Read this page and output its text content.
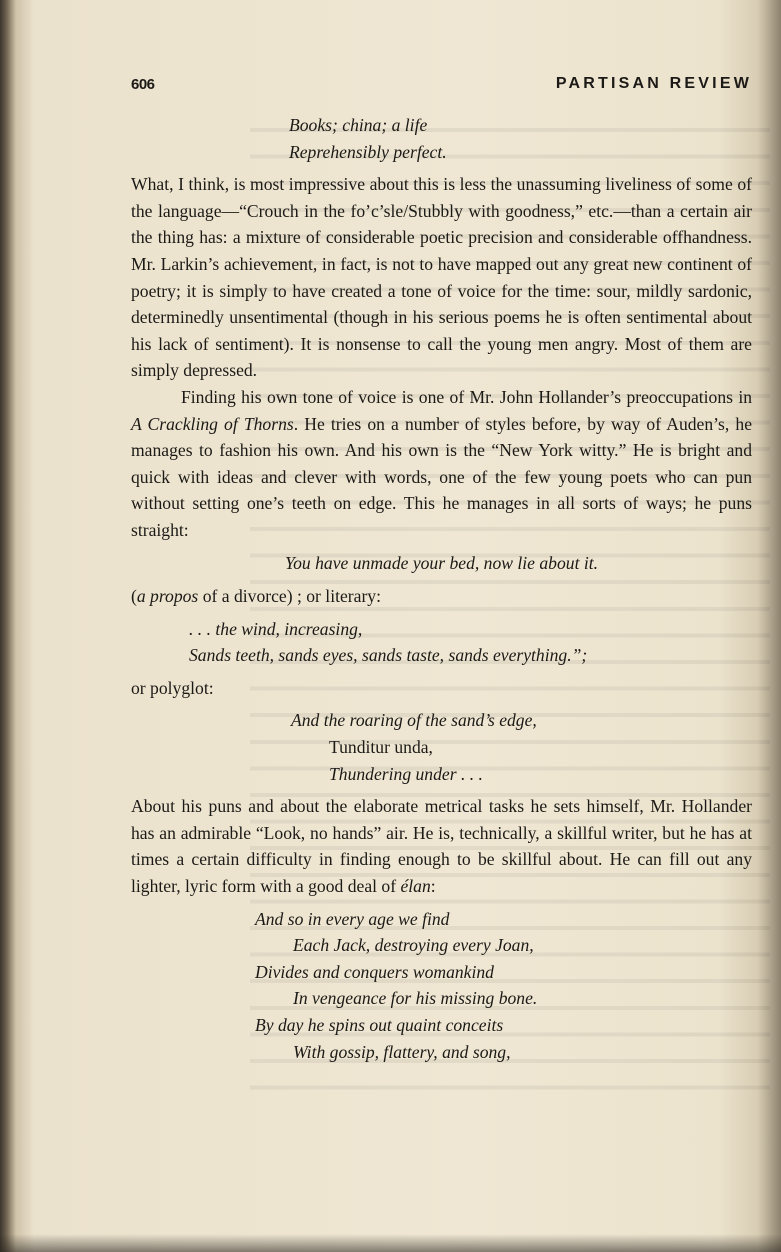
606	PARTISAN REVIEW
Books; china; a life
Reprehensibly perfect.

What, I think, is most impressive about this is less the unassuming liveliness of some of the language—“Crouch in the fo’c’sle/Stubbly with goodness,” etc.—than a certain air the thing has: a mixture of considerable poetic precision and considerable offhandness. Mr. Larkin’s achievement, in fact, is not to have mapped out any great new continent of poetry; it is simply to have created a tone of voice for the time: sour, mildly sardonic, determinedly unsentimental (though in his serious poems he is often sentimental about his lack of sentiment). It is nonsense to call the young men angry. Most of them are simply depressed.

Finding his own tone of voice is one of Mr. John Hollander’s preoccupations in A Crackling of Thorns. He tries on a number of styles before, by way of Auden’s, he manages to fashion his own. And his own is the “New York witty.” He is bright and quick with ideas and clever with words, one of the few young poets who can pun without setting one’s teeth on edge. This he manages in all sorts of ways; he puns straight:

You have unmade your bed, now lie about it.

(a propos of a divorce) ; or literary:

. . . the wind, increasing,
Sands teeth, sands eyes, sands taste, sands everything.”;

or polyglot:

And the roaring of the sand’s edge,
Tunditur unda,
Thundering under . . .

About his puns and about the elaborate metrical tasks he sets himself, Mr. Hollander has an admirable “Look, no hands” air. He is, technically, a skillful writer, but he has at times a certain difficulty in finding enough to be skillful about. He can fill out any lighter, lyric form with a good deal of élan:

And so in every age we find
Each Jack, destroying every Joan,
Divides and conquers womankind
In vengeance for his missing bone.
By day he spins out quaint conceits
With gossip, flattery, and song,
